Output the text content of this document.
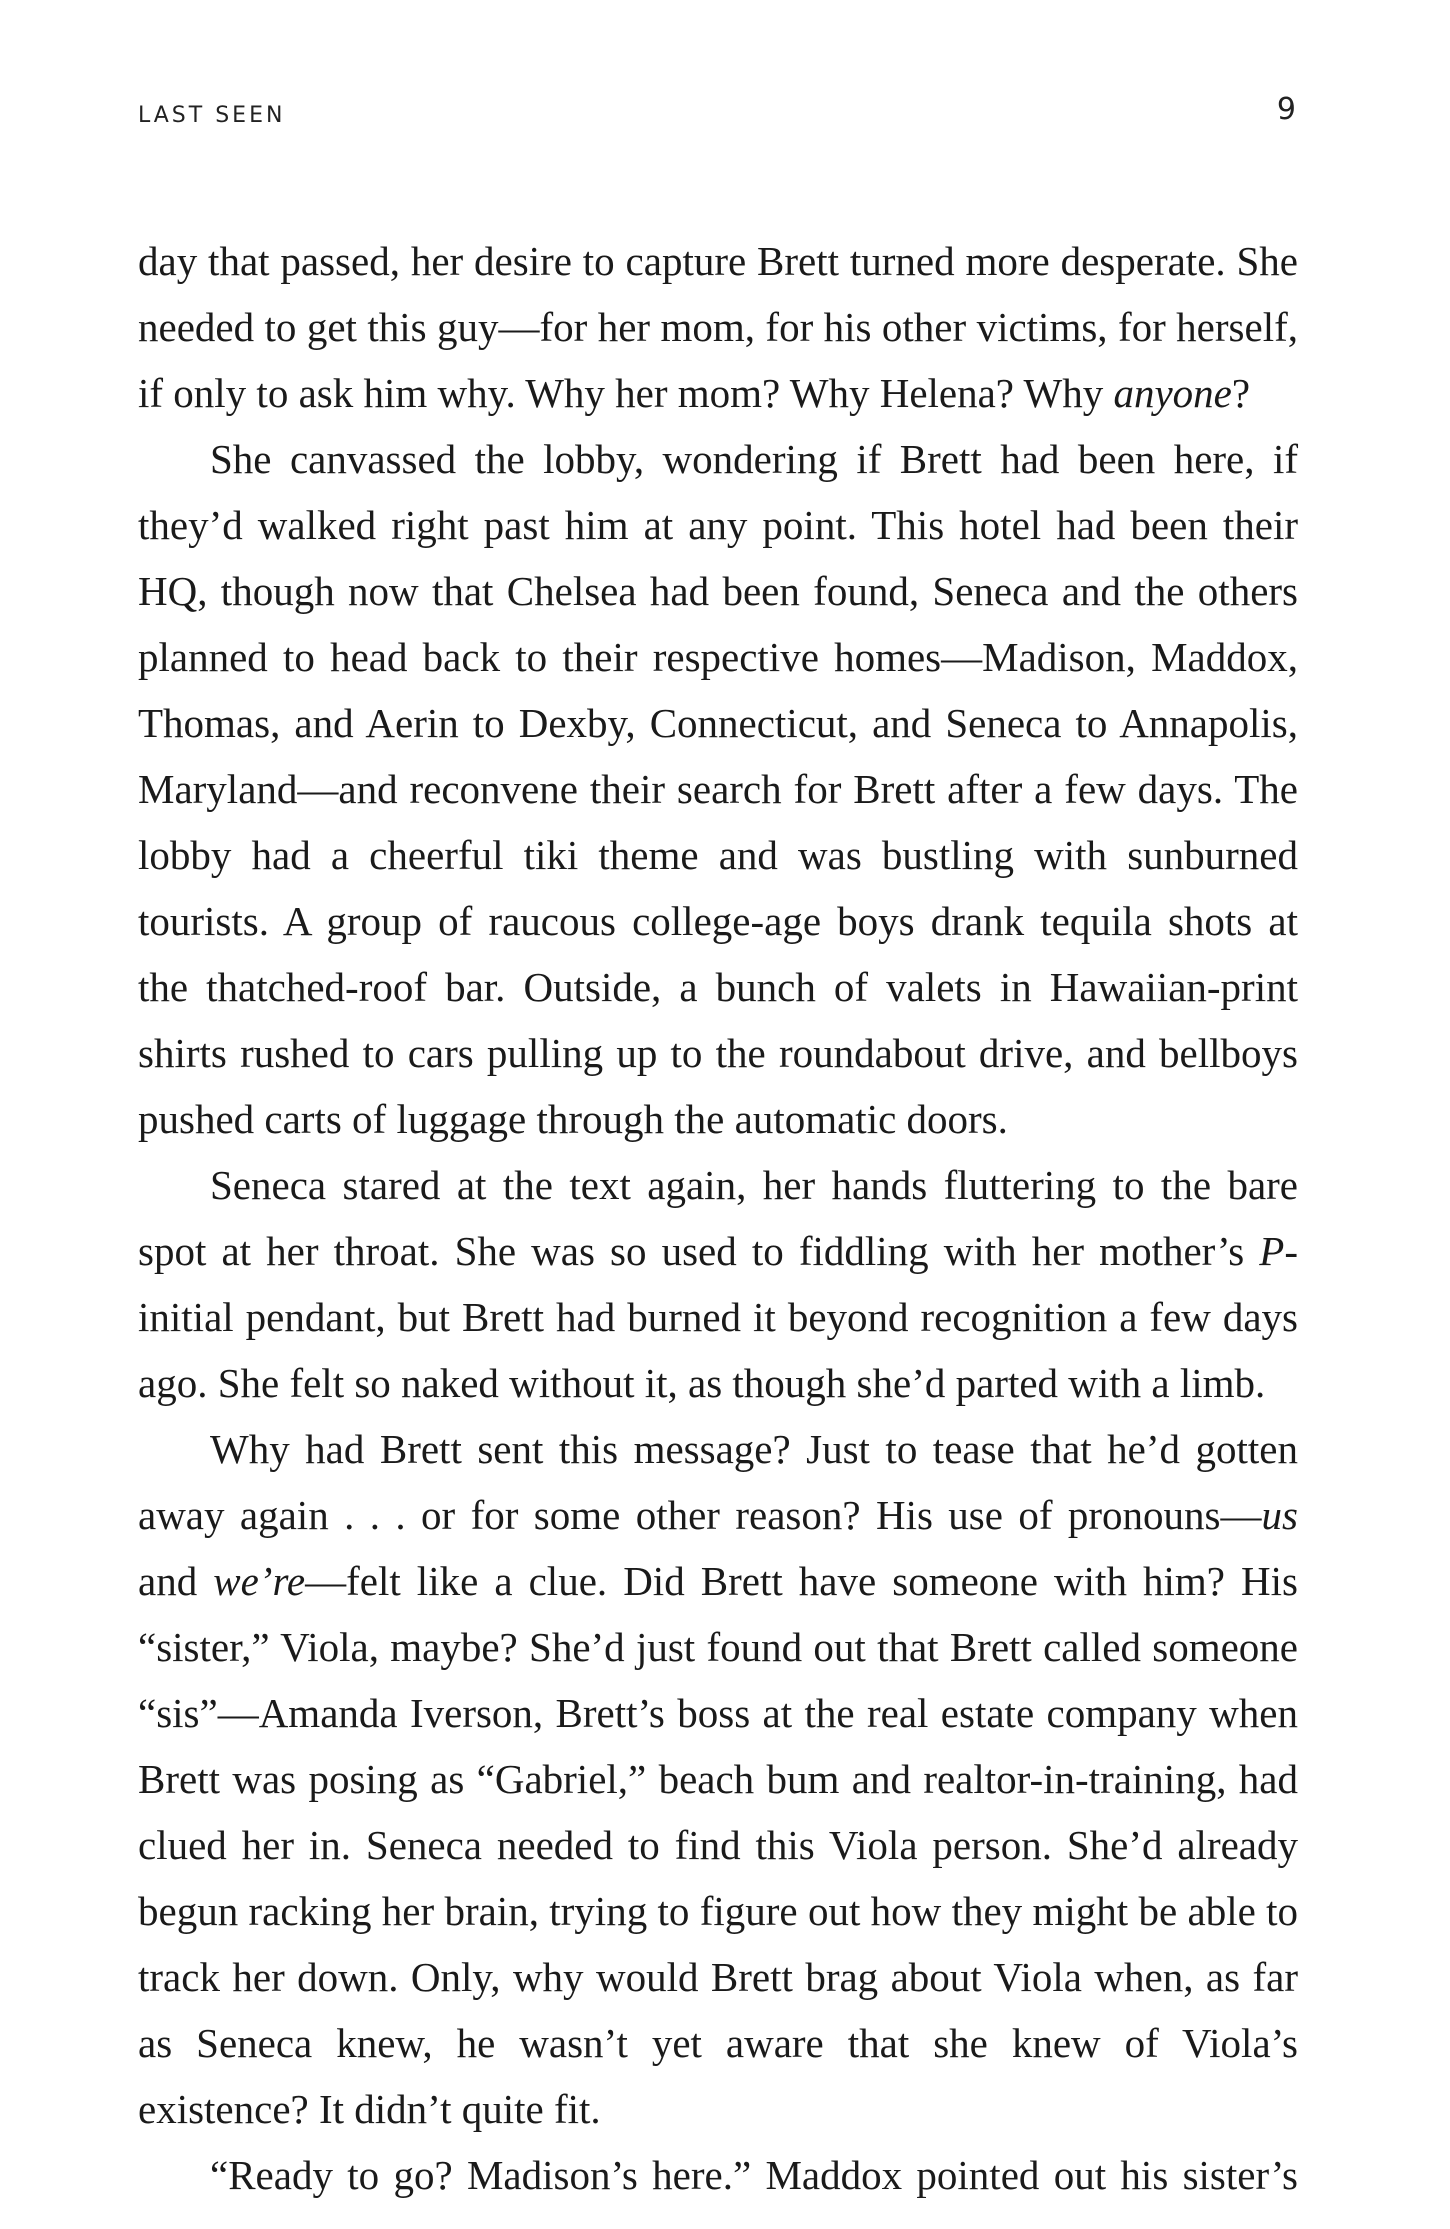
LAST SEEN	9

day that passed, her desire to capture Brett turned more desperate. She needed to get this guy—for her mom, for his other victims, for herself, if only to ask him why. Why her mom? Why Helena? Why anyone?

She canvassed the lobby, wondering if Brett had been here, if they’d walked right past him at any point. This hotel had been their HQ, though now that Chelsea had been found, Seneca and the others planned to head back to their respective homes—Madison, Maddox, Thomas, and Aerin to Dexby, Connecticut, and Seneca to Annapolis, Maryland—and reconvene their search for Brett after a few days. The lobby had a cheerful tiki theme and was bustling with sunburned tourists. A group of raucous college-age boys drank tequila shots at the thatched-roof bar. Outside, a bunch of valets in Hawaiian-print shirts rushed to cars pulling up to the roundabout drive, and bellboys pushed carts of luggage through the automatic doors.

Seneca stared at the text again, her hands fluttering to the bare spot at her throat. She was so used to fiddling with her mother’s P-initial pendant, but Brett had burned it beyond recognition a few days ago. She felt so naked without it, as though she’d parted with a limb.

Why had Brett sent this message? Just to tease that he’d gotten away again . . . or for some other reason? His use of pronouns—us and we’re—felt like a clue. Did Brett have someone with him? His “sister,” Viola, maybe? She’d just found out that Brett called someone “sis”—Amanda Iverson, Brett’s boss at the real estate company when Brett was posing as “Gabriel,” beach bum and realtor-in-training, had clued her in. Seneca needed to find this Viola person. She’d already begun racking her brain, trying to figure out how they might be able to track her down. Only, why would Brett brag about Viola when, as far as Seneca knew, he wasn’t yet aware that she knew of Viola’s existence? It didn’t quite fit.

“Ready to go? Madison’s here.” Maddox pointed out his sister’s
